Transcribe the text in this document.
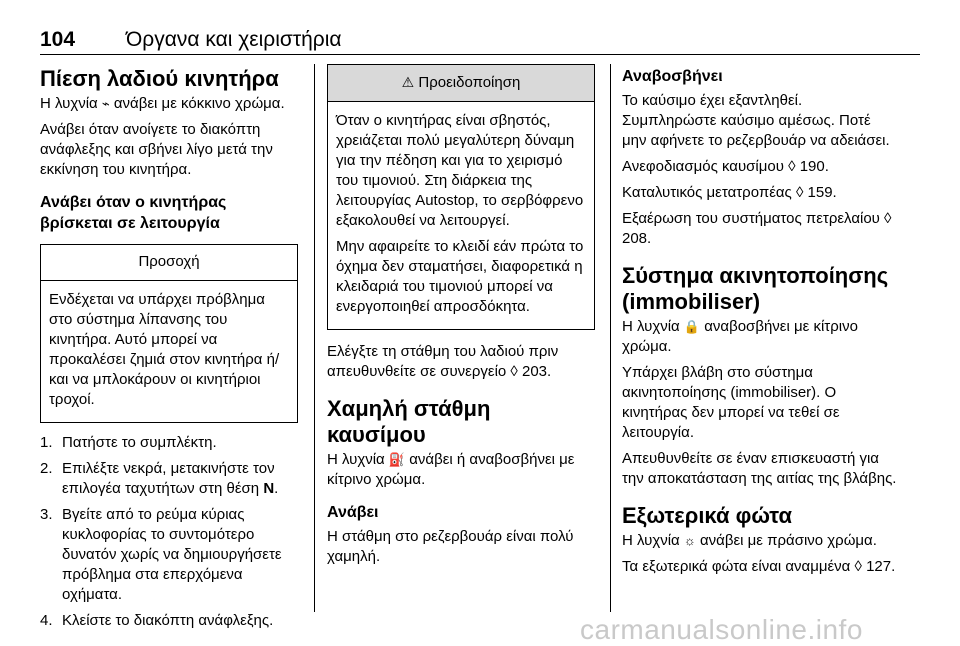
104 Όργανα και χειριστήρια
Πίεση λαδιού κινητήρα

Η λυχνία ⌁ ανάβει με κόκκινο χρώμα.

Ανάβει όταν ανοίγετε το διακόπτη ανάφλεξης και σβήνει λίγο μετά την εκκίνηση του κινητήρα.

Ανάβει όταν ο κινητήρας βρίσκεται σε λειτουργία
Προσοχή

Ενδέχεται να υπάρχει πρόβλημα στο σύστημα λίπανσης του κινητήρα. Αυτό μπορεί να προκαλέσει ζημιά στον κινητήρα ή/και να μπλοκάρουν οι κινητήριοι τροχοί.

1. Πατήστε το συμπλέκτη.
2. Επιλέξτε νεκρά, μετακινήστε τον επιλογέα ταχυτήτων στη θέση N.
3. Βγείτε από το ρεύμα κύριας κυκλοφορίας το συντομότερο δυνατόν χωρίς να δημιουργήσετε πρόβλημα στα επερχόμενα οχήματα.
4. Κλείστε το διακόπτη ανάφλεξης.
⚠ Προειδοποίηση

Όταν ο κινητήρας είναι σβηστός, χρειάζεται πολύ μεγαλύτερη δύναμη για την πέδηση και για το χειρισμό του τιμονιού. Στη διάρκεια της λειτουργίας Autostop, το σερβόφρενο εξακολουθεί να λειτουργεί.

Μην αφαιρείτε το κλειδί εάν πρώτα το όχημα δεν σταματήσει, διαφορετικά η κλειδαριά του τιμονιού μπορεί να ενεργοποιηθεί απροσδόκητα.

Ελέγξτε τη στάθμη του λαδιού πριν απευθυνθείτε σε συνεργείο ◊ 203.

Χαμηλή στάθμη καυσίμου

Η λυχνία ⛽ ανάβει ή αναβοσβήνει με κίτρινο χρώμα.

Ανάβει

Η στάθμη στο ρεζερβουάρ είναι πολύ χαμηλή.

Αναβοσβήνει

Το καύσιμο έχει εξαντληθεί. Συμπληρώστε καύσιμο αμέσως. Ποτέ μην αφήνετε το ρεζερβουάρ να αδειάσει.

Ανεφοδιασμός καυσίμου ◊ 190.

Καταλυτικός μετατροπέας ◊ 159.

Εξαέρωση του συστήματος πετρελαίου ◊ 208.

Σύστημα ακινητοποίησης (immobiliser)

Η λυχνία 🔒 αναβοσβήνει με κίτρινο χρώμα.

Υπάρχει βλάβη στο σύστημα ακινητοποίησης (immobiliser). Ο κινητήρας δεν μπορεί να τεθεί σε λειτουργία.

Απευθυνθείτε σε έναν επισκευαστή για την αποκατάσταση της αιτίας της βλάβης.

Εξωτερικά φώτα

Η λυχνία ☼ ανάβει με πράσινο χρώμα.

Τα εξωτερικά φώτα είναι αναμμένα ◊ 127.

carmanualsonline.info
